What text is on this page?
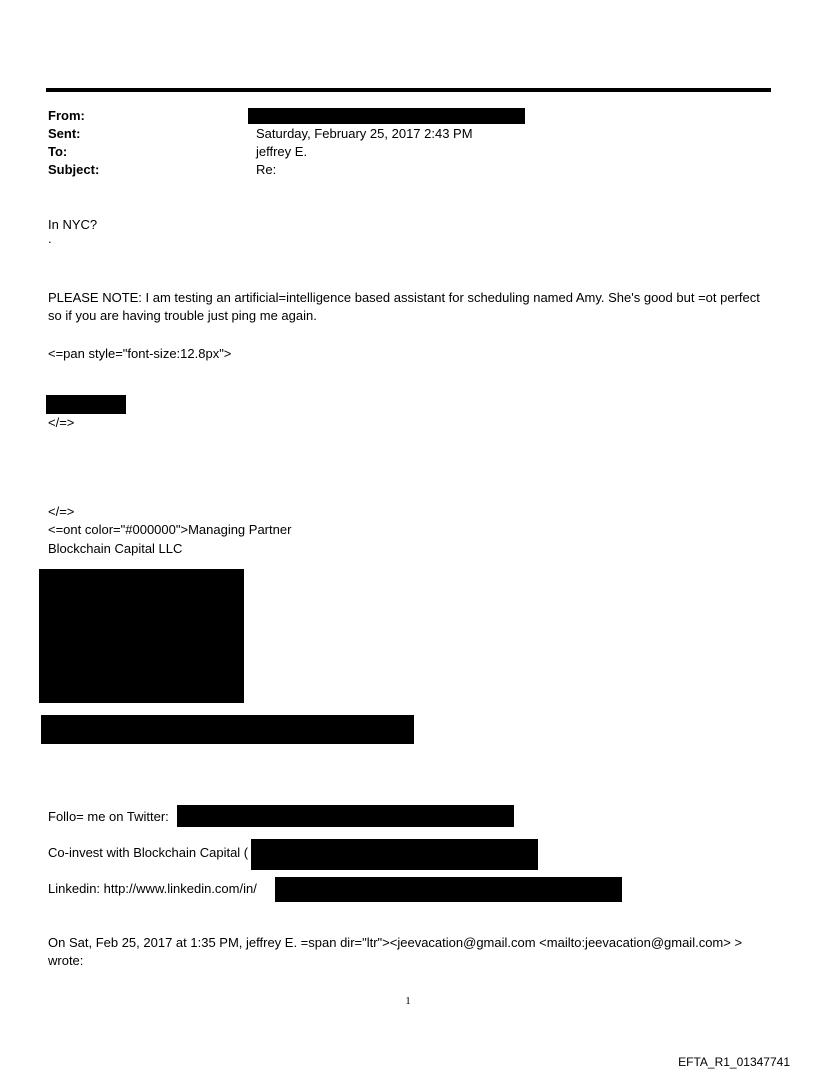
From:
Sent:	Saturday, February 25, 2017 2:43 PM
To:	jeffrey E.
Subject:	Re:
In NYC?
.
PLEASE NOTE: I am testing an artificial=intelligence based assistant for scheduling named Amy. She's good but =ot perfect so if you are having trouble just ping me again.
<=pan style="font-size:12.8px">
</=>
</=>
<=ont color="#000000">Managing Partner
Blockchain Capital LLC
Follo= me on Twitter:
Co-invest with Blockchain Capital (
Linkedin: http://www.linkedin.com/in/
On Sat, Feb 25, 2017 at 1:35 PM, jeffrey E. =span dir="ltr"><jeevacation@gmail.com <mailto:jeevacation@gmail.com> > wrote:
1
EFTA_R1_01347741
